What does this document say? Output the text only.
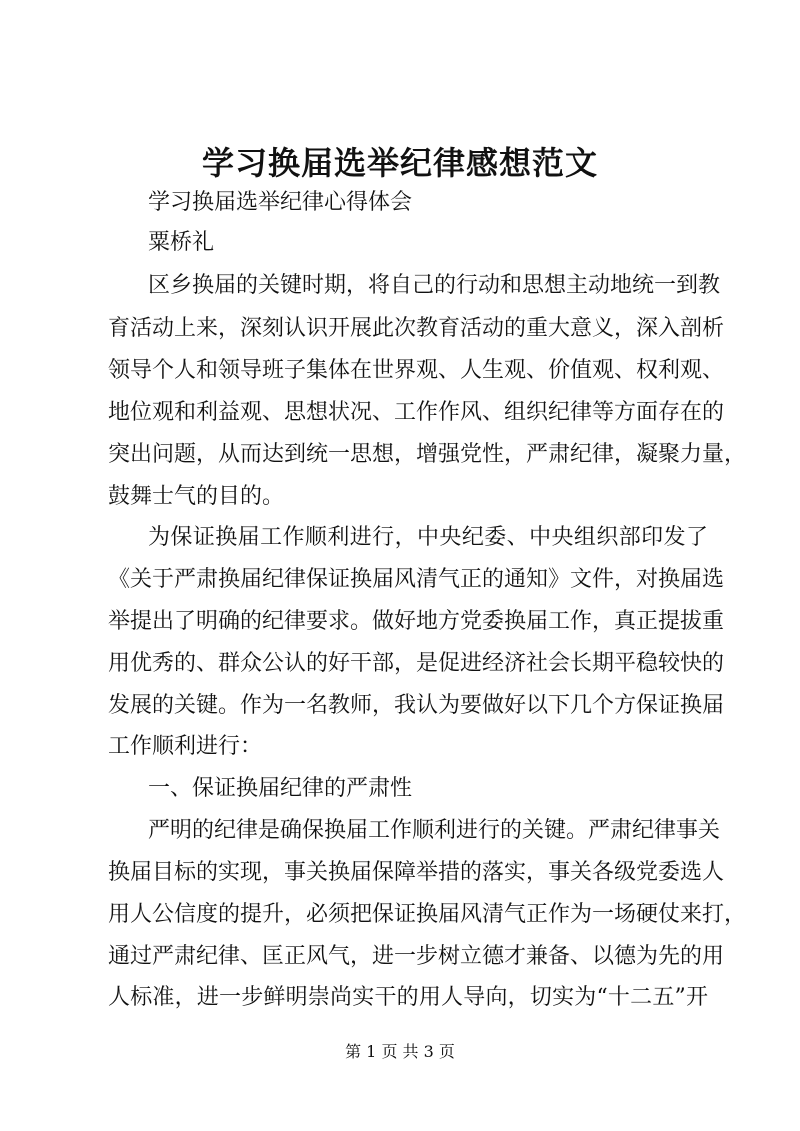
学习换届选举纪律感想范文
学习换届选举纪律心得体会
粟桥礼
区乡换届的关键时期，将自己的行动和思想主动地统一到教
育活动上来，深刻认识开展此次教育活动的重大意义，深入剖析
领导个人和领导班子集体在世界观、人生观、价值观、权利观、
地位观和利益观、思想状况、工作作风、组织纪律等方面存在的
突出问题，从而达到统一思想，增强党性，严肃纪律，凝聚力量，
鼓舞士气的目的。
为保证换届工作顺利进行，中央纪委、中央组织部印发了
《关于严肃换届纪律保证换届风清气正的通知》文件，对换届选
举提出了明确的纪律要求。做好地方党委换届工作，真正提拔重
用优秀的、群众公认的好干部，是促进经济社会长期平稳较快的
发展的关键。作为一名教师，我认为要做好以下几个方保证换届
工作顺利进行：
一、保证换届纪律的严肃性
严明的纪律是确保换届工作顺利进行的关键。严肃纪律事关
换届目标的实现，事关换届保障举措的落实，事关各级党委选人
用人公信度的提升，必须把保证换届风清气正作为一场硬仗来打，
通过严肃纪律、匡正风气，进一步树立德才兼备、以德为先的用
人标准，进一步鲜明崇尚实干的用人导向，切实为“十二五”开
第 1 页 共 3 页
